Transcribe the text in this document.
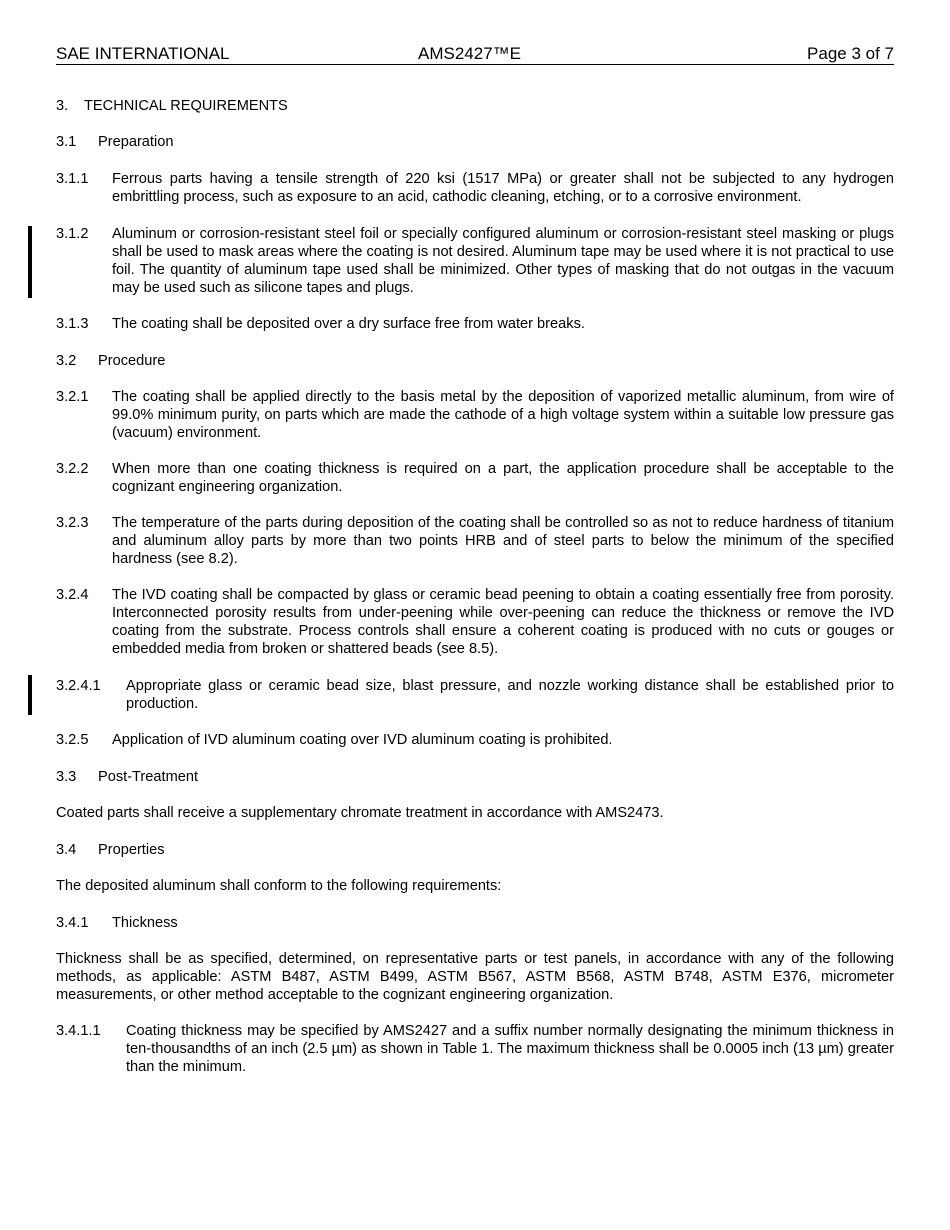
SAE INTERNATIONAL	AMS2427™E	Page 3 of 7
3. TECHNICAL REQUIREMENTS
3.1 Preparation
3.1.1	Ferrous parts having a tensile strength of 220 ksi (1517 MPa) or greater shall not be subjected to any hydrogen embrittling process, such as exposure to an acid, cathodic cleaning, etching, or to a corrosive environment.
3.1.2	Aluminum or corrosion-resistant steel foil or specially configured aluminum or corrosion-resistant steel masking or plugs shall be used to mask areas where the coating is not desired. Aluminum tape may be used where it is not practical to use foil. The quantity of aluminum tape used shall be minimized. Other types of masking that do not outgas in the vacuum may be used such as silicone tapes and plugs.
3.1.3	The coating shall be deposited over a dry surface free from water breaks.
3.2 Procedure
3.2.1	The coating shall be applied directly to the basis metal by the deposition of vaporized metallic aluminum, from wire of 99.0% minimum purity, on parts which are made the cathode of a high voltage system within a suitable low pressure gas (vacuum) environment.
3.2.2	When more than one coating thickness is required on a part, the application procedure shall be acceptable to the cognizant engineering organization.
3.2.3	The temperature of the parts during deposition of the coating shall be controlled so as not to reduce hardness of titanium and aluminum alloy parts by more than two points HRB and of steel parts to below the minimum of the specified hardness (see 8.2).
3.2.4	The IVD coating shall be compacted by glass or ceramic bead peening to obtain a coating essentially free from porosity. Interconnected porosity results from under-peening while over-peening can reduce the thickness or remove the IVD coating from the substrate. Process controls shall ensure a coherent coating is produced with no cuts or gouges or embedded media from broken or shattered beads (see 8.5).
3.2.4.1	Appropriate glass or ceramic bead size, blast pressure, and nozzle working distance shall be established prior to production.
3.2.5	Application of IVD aluminum coating over IVD aluminum coating is prohibited.
3.3 Post-Treatment
Coated parts shall receive a supplementary chromate treatment in accordance with AMS2473.
3.4 Properties
The deposited aluminum shall conform to the following requirements:
3.4.1 Thickness
Thickness shall be as specified, determined, on representative parts or test panels, in accordance with any of the following methods, as applicable: ASTM B487, ASTM B499, ASTM B567, ASTM B568, ASTM B748, ASTM E376, micrometer measurements, or other method acceptable to the cognizant engineering organization.
3.4.1.1	Coating thickness may be specified by AMS2427 and a suffix number normally designating the minimum thickness in ten-thousandths of an inch (2.5 µm) as shown in Table 1. The maximum thickness shall be 0.0005 inch (13 µm) greater than the minimum.
